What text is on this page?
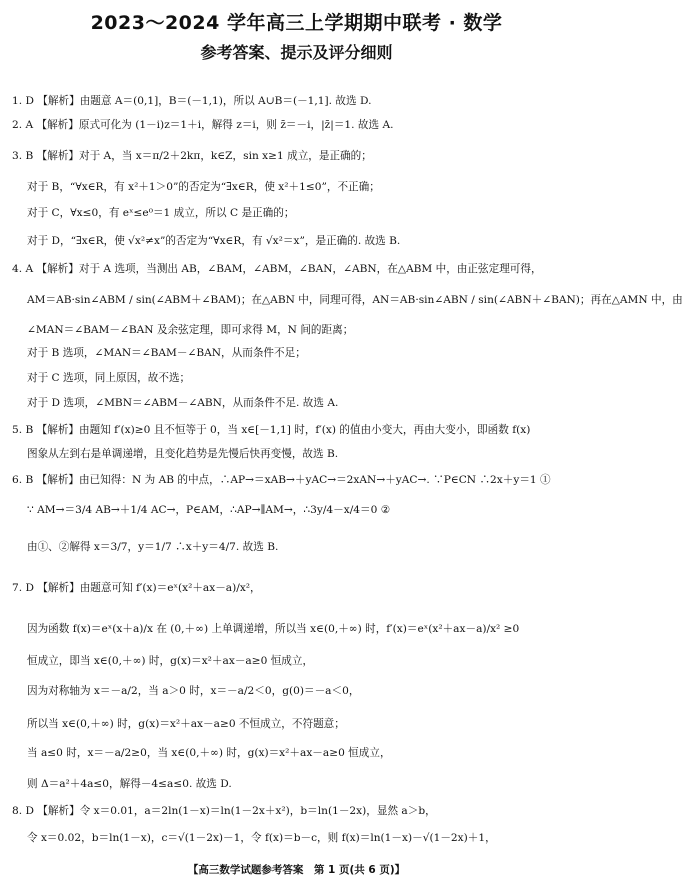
2023～2024 学年高三上学期期中联考 · 数学
参考答案、提示及评分细则
1. D 【解析】由题意 A＝(0,1]，B＝(－1,1)，所以 A∪B＝(－1,1]. 故选 D.
2. A 【解析】原式可化为 (1－i)z＝1＋i，解得 z＝i，则 z̄＝－i，|z̄|＝1. 故选 A.
3. B 【解析】对于 A，当 x＝π/2＋2kπ，k∈Z，sin x≥1 成立，是正确的；
对于 B，“∀x∈R，有 x²＋1＞0”的否定为“∃x∈R，使 x²＋1≤0”，不正确；
对于 C，∀x≤0，有 eˣ≤e⁰＝1 成立，所以 C 是正确的；
对于 D，“∃x∈R，使 √x²≠x”的否定为“∀x∈R，有 √x²＝x”，是正确的. 故选 B.
4. A 【解析】对于 A 选项，当测出 AB，∠BAM，∠ABM，∠BAN，∠ABN，在△ABM 中，由正弦定理可得，
AM＝AB·sin∠ABM / sin(∠ABM＋∠BAM)；在△ABN 中，同理可得，AN＝AB·sin∠ABN / sin(∠ABN＋∠BAN)；再在△AMN 中，由
∠MAN＝∠BAM－∠BAN 及余弦定理，即可求得 M，N 间的距离；
对于 B 选项，∠MAN＝∠BAM－∠BAN，从而条件不足；
对于 C 选项，同上原因，故不选；
对于 D 选项，∠MBN＝∠ABM－∠ABN，从而条件不足. 故选 A.
5. B 【解析】由题知 f′(x)≥0 且不恒等于 0，当 x∈[－1,1] 时，f′(x) 的值由小变大，再由大变小，即函数 f(x)
图象从左到右是单调递增，且变化趋势是先慢后快再变慢，故选 B.
6. B 【解析】由已知得：N 为 AB 的中点，∴AP→＝xAB→＋yAC→＝2xAN→＋yAC→. ∵P∈CN ∴2x＋y＝1 ①
∵ AM→＝3/4 AB→＋1/4 AC→，P∈AM，∴AP→∥AM→，∴3y/4－x/4＝0 ②
由①、②解得 x＝3/7，y＝1/7 ∴x＋y＝4/7. 故选 B.
7. D 【解析】由题意可知 f′(x)＝eˣ(x²＋ax－a)/x²，
因为函数 f(x)＝eˣ(x＋a)/x 在 (0,＋∞) 上单调递增，所以当 x∈(0,＋∞) 时，f′(x)＝eˣ(x²＋ax－a)/x² ≥0
恒成立，即当 x∈(0,＋∞) 时，g(x)＝x²＋ax－a≥0 恒成立，
因为对称轴为 x＝－a/2，当 a＞0 时，x＝－a/2＜0，g(0)＝－a＜0，
所以当 x∈(0,＋∞) 时，g(x)＝x²＋ax－a≥0 不恒成立，不符题意；
当 a≤0 时，x＝－a/2≥0，当 x∈(0,＋∞) 时，g(x)＝x²＋ax－a≥0 恒成立，
则 Δ＝a²＋4a≤0，解得－4≤a≤0. 故选 D.
8. D 【解析】令 x＝0.01，a＝2ln(1－x)＝ln(1－2x＋x²)，b＝ln(1－2x)，显然 a＞b，
令 x＝0.02，b＝ln(1－x)，c＝√(1－2x)－1，令 f(x)＝b－c，则 f(x)＝ln(1－x)－√(1－2x)＋1，
【高三数学试题参考答案　第 1 页(共 6 页)】
